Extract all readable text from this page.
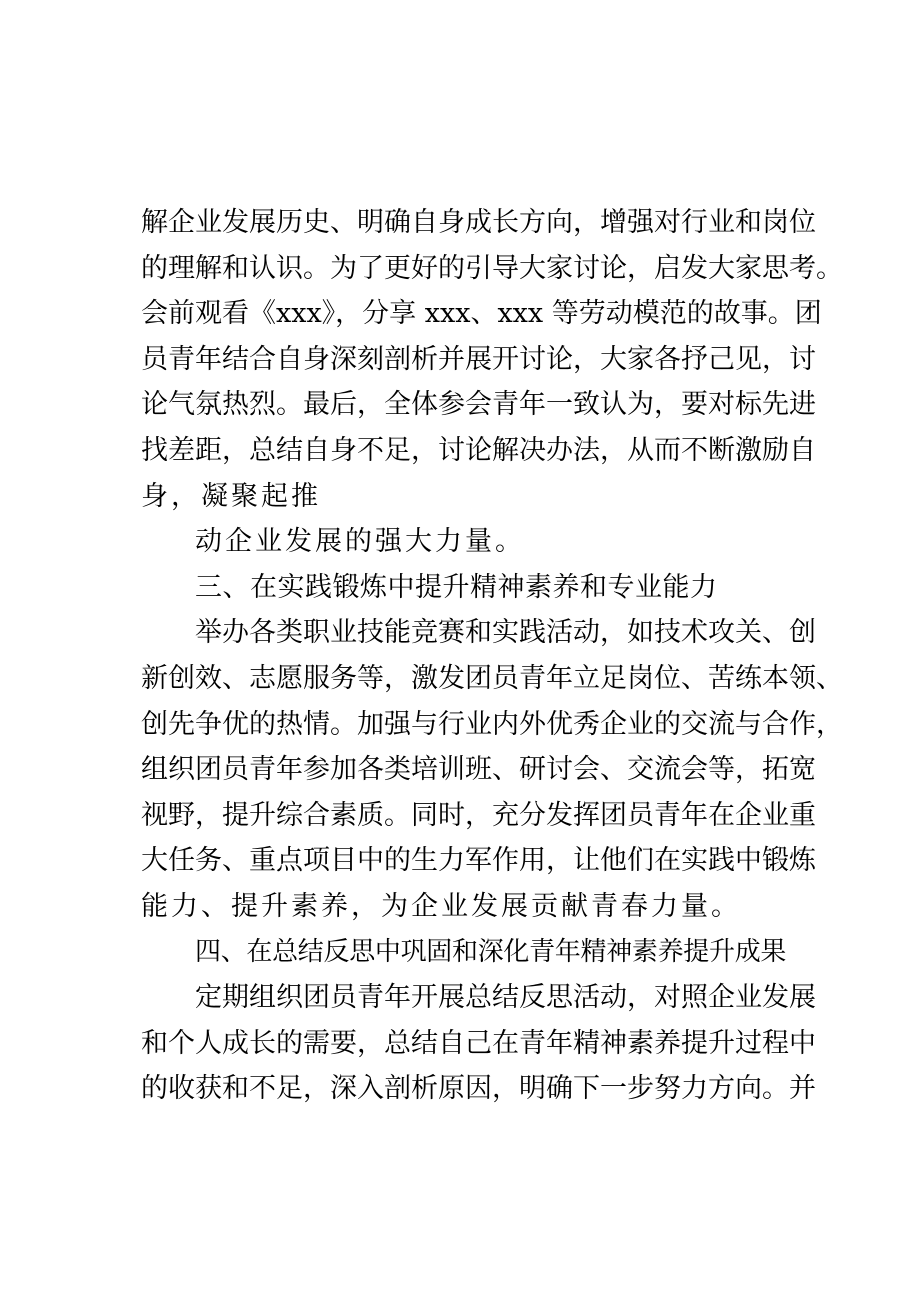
解企业发展历史、明确自身成长方向，增强对行业和岗位
的理解和认识。为了更好的引导大家讨论，启发大家思考。
会前观看《xxx》，分享 xxx、xxx 等劳动模范的故事。团
员青年结合自身深刻剖析并展开讨论，大家各抒己见，讨
论气氛热烈。最后，全体参会青年一致认为，要对标先进
找差距，总结自身不足，讨论解决办法，从而不断激励自
身，凝聚起推
动企业发展的强大力量。
三、在实践锻炼中提升精神素养和专业能力
举办各类职业技能竞赛和实践活动，如技术攻关、创
新创效、志愿服务等，激发团员青年立足岗位、苦练本领、
创先争优的热情。加强与行业内外优秀企业的交流与合作，
组织团员青年参加各类培训班、研讨会、交流会等，拓宽
视野，提升综合素质。同时，充分发挥团员青年在企业重
大任务、重点项目中的生力军作用，让他们在实践中锻炼
能力、提升素养，为企业发展贡献青春力量。
四、在总结反思中巩固和深化青年精神素养提升成果
定期组织团员青年开展总结反思活动，对照企业发展
和个人成长的需要，总结自己在青年精神素养提升过程中
的收获和不足，深入剖析原因，明确下一步努力方向。并
